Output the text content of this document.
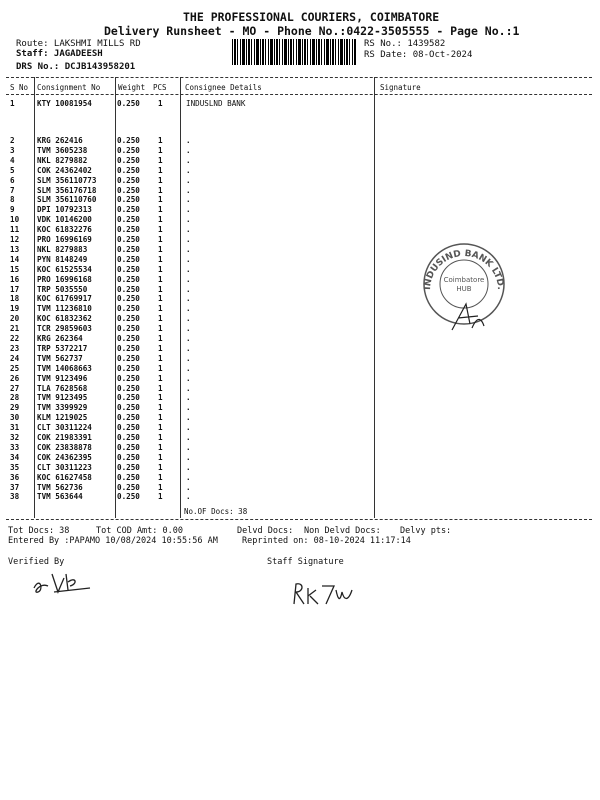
THE PROFESSIONAL COURIERS, COIMBATORE
Delivery Runsheet - MO - Phone No.:0422-3505555 - Page No.:1
Route: LAKSHMI MILLS RD
Staff: JAGADEESH
DRS No.: DCJB143958201
RS No.: 1439582
RS Date: 08-Oct-2024
S No Consignment No Weight PCS Consignee Details	Signature
1	KTY 10081954	0.250 1	INDUSLND BANK
2	KRG 262416	0.250 1	.
3	TVM 3605238	0.250 1	.
4	NKL 8279882	0.250 1	.
5	COK 24362402	0.250 1	.
6	SLM 356110773	0.250 1	.
7	SLM 356176718	0.250 1	.
8	SLM 356110760	0.250 1	.
9	DPI 10792313	0.250 1	.
10 VDK 10146200	0.250 1	.
11 KOC 61832276	0.250 1	.
12 PRO 16996169	0.250 1	.
13 NKL 8279883	0.250 1	.
14 PYN 8148249	0.250 1	.
15 KOC 61525534	0.250 1	.
16 PRO 16996168	0.250 1	.
17 TRP 5035550	0.250 1	.
18 KOC 61769917	0.250 1	.
19 TVM 11236810	0.250 1	.
20 KOC 61832362	0.250 1	.
21 TCR 29859603	0.250 1	.
22 KRG 262364	0.250 1	.
23 TRP 5372217	0.250 1	.
24 TVM 562737	0.250 1	.
25 TVM 14068663	0.250 1	.
26 TVM 9123496	0.250 1	.
27 TLA 7628568	0.250 1	.
28 TVM 9123495	0.250 1	.
29 TVM 3399929	0.250 1	.
30 KLM 1219025	0.250 1	.
31 CLT 30311224	0.250 1	.
32 COK 21983391	0.250 1	.
33 COK 23838878	0.250 1	.
34 COK 24362395	0.250 1	.
35 CLT 30311223	0.250 1	.
36 KOC 61627458	0.250 1	.
37 TVM 562736	0.250 1	.
38 TVM 563644	0.250 1	.
No.OF Docs: 38
Tot Docs: 38	Tot COD Amt: 0.00	Delvd Docs: Non Delvd Docs: Delvy pts:
Entered By :PAPAMO 10/08/2024 10:55:56 AM	Reprinted on: 08-10-2024 11:17:14
Verified By	Staff Signature
INDUSIND BANK LTD.
Coimbatore
HUB
